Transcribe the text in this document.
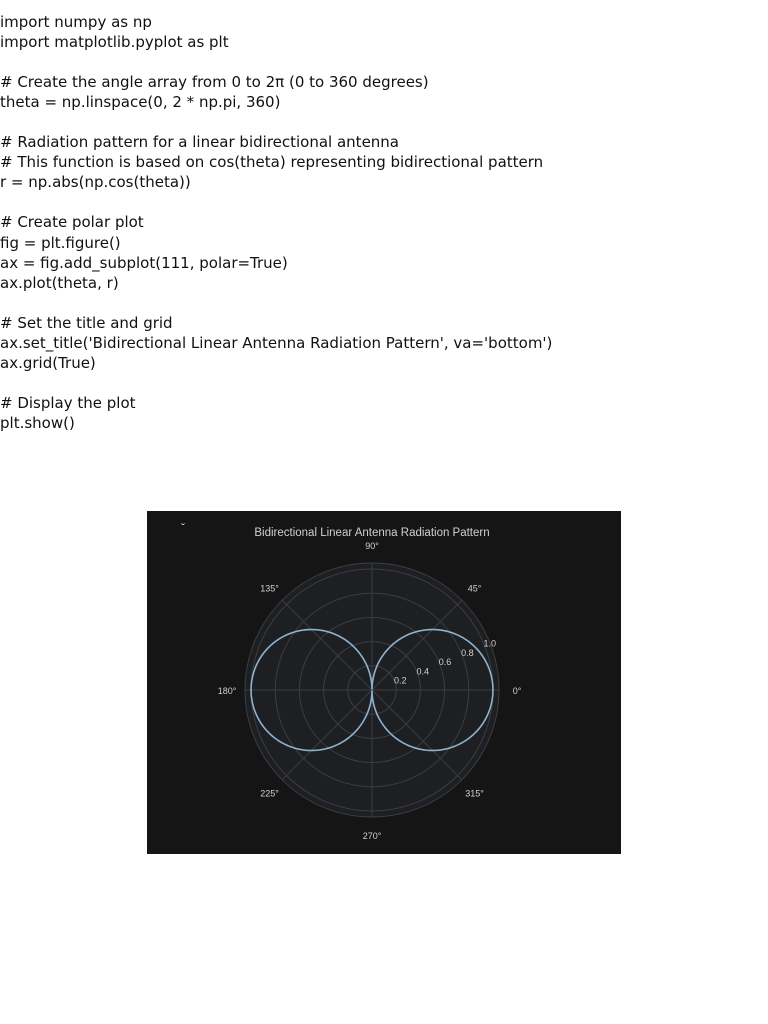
import numpy as np
import matplotlib.pyplot as plt
# Create the angle array from 0 to 2π (0 to 360 degrees)
theta = np.linspace(0, 2 * np.pi, 360)
# Radiation pattern for a linear bidirectional antenna
# This function is based on cos(theta) representing bidirectional pattern
r = np.abs(np.cos(theta))
# Create polar plot
fig = plt.figure()
ax = fig.add_subplot(111, polar=True)
ax.plot(theta, r)
# Set the title and grid
ax.set_title('Bidirectional Linear Antenna Radiation Pattern', va='bottom')
ax.grid(True)
# Display the plot
plt.show()
ˇ	Bidirectional Linear Antenna Radiation Pattern
0°
45°
90°
135°
180°
225°
270°
315°
0.2
0.4
0.6
0.8
1.0
